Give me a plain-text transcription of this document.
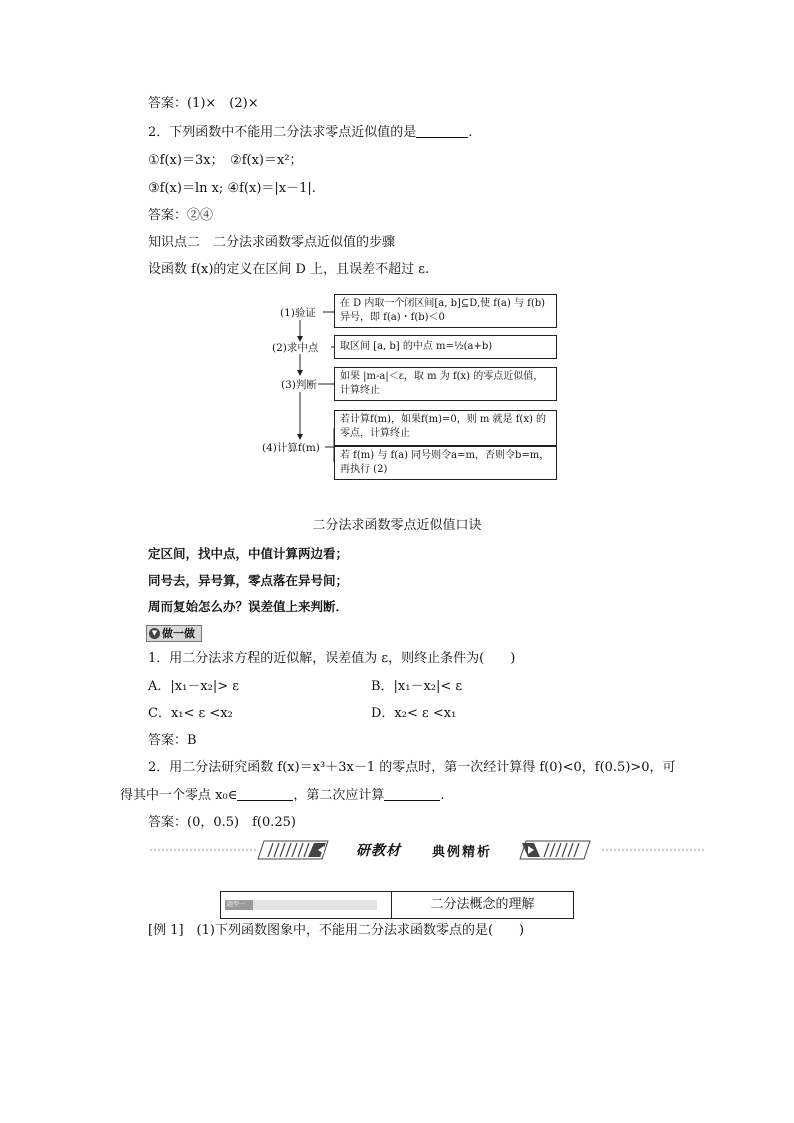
答案：(1)×　(2)×
2．下列函数中不能用二分法求零点近似值的是	.
①f(x)＝3x；　②f(x)＝x²；
③f(x)＝ln x; ④f(x)＝|x－1|.
答案：②④
知识点二　二分法求函数零点近似值的步骤
设函数 f(x)的定义在区间 D 上，且误差不超过 ε.
(1)验证
在 D 内取一个闭区间[a, b]⊆D,使 f(a) 与 f(b) 异号，即 f(a)・f(b)＜0
(2)求中点	取区间 [a, b] 的中点 m=½(a+b)
(3)判断
如果 |m-a|＜ε，取 m 为 f(x) 的零点近似值，计算终止
(4)计算f(m)
若计算f(m)，如果f(m)=0，则 m 就是 f(x) 的零点，计算终止
若 f(m) 与 f(a) 同号则令a=m，否则令b=m，再执行 (2)
二分法求函数零点近似值口诀
定区间，找中点，中值计算两边看；
同号去，异号算，零点落在异号间；
周而复始怎么办？误差值上来判断．
▼ 做一做
1．用二分法求方程的近似解，误差值为 ε，则终止条件为(　　)
A．|x₁－x₂|> ε	B．|x₁－x₂|< ε
C．x₁< ε <x₂	D．x₂< ε <x₁
答案：B
2．用二分法研究函数 f(x)＝x³＋3x－1 的零点时，第一次经计算得 f(0)<0，f(0.5)>0，可
得其中一个零点 x₀∈	，第二次应计算	.
答案：(0，0.5)　f(0.25)
研教材 典例精析
题型一	二分法概念的理解
[例 1]　(1)下列函数图象中，不能用二分法求函数零点的是(　　)
